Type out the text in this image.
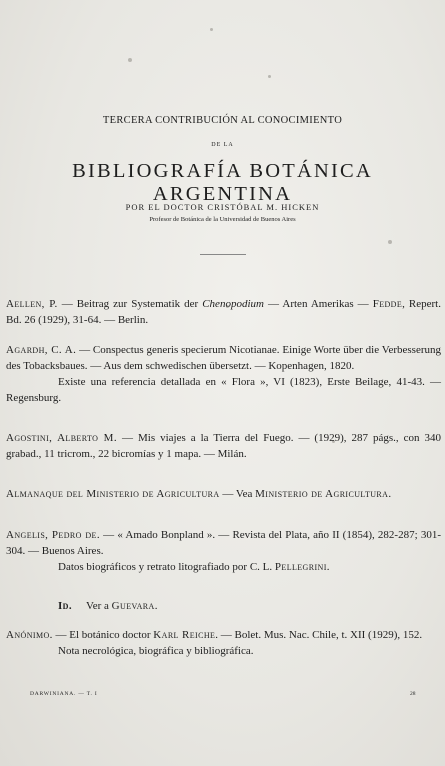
TERCERA CONTRIBUCIÓN AL CONOCIMIENTO
DE LA
BIBLIOGRAFÍA BOTÁNICA ARGENTINA
POR EL DOCTOR CRISTÓBAL M. HICKEN
Profesor de Botánica de la Universidad de Buenos Aires
Aellen, P. — Beitrag zur Systematik der Chenopodium — Arten Amerikas — Fedde, Repert. Bd. 26 (1929), 31-64. — Berlin.
Agardh, C. A. — Conspectus generis specierum Nicotianae. Einige Worte über die Verbesserung des Tobacksbaues. — Aus dem schwedischen übersetzt. — Kopenhagen, 1820.
Existe una referencia detallada en « Flora », VI (1823), Erste Beilage, 41-43. — Regensburg.
Agostini, Alberto M. — Mis viajes a la Tierra del Fuego. — (1929), 287 págs., con 340 grabad., 11 tricrom., 22 bicromías y 1 mapa. — Milán.
Almanaque del Ministerio de Agricultura — Vea Ministerio de Agricultura.
Angelis, Pedro de. — « Amado Bonpland ». — Revista del Plata, año II (1854), 282-287; 301-304. — Buenos Aires.
Datos biográficos y retrato litografiado por C. L. Pellegrini.
Id. Ver a Guevara.
Anónimo. — El botánico doctor Karl Reiche. — Bolet. Mus. Nac. Chile, t. XII (1929), 152.
Nota necrológica, biográfica y bibliográfica.
DARWINIANA. — T. I	28
